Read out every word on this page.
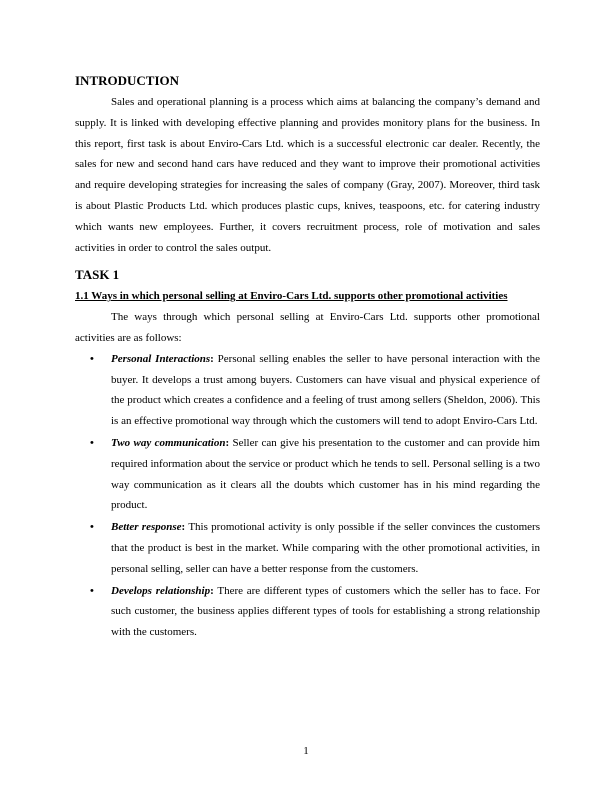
INTRODUCTION

Sales and operational planning is a process which aims at balancing the company’s demand and supply. It is linked with developing effective planning and provides monitory plans for the business. In this report, first task is about Enviro-Cars Ltd. which is a successful electronic car dealer. Recently, the sales for new and second hand cars have reduced and they want to improve their promotional activities and require developing strategies for increasing the sales of company (Gray, 2007). Moreover, third task is about Plastic Products Ltd. which produces plastic cups, knives, teaspoons, etc. for catering industry which wants new employees. Further, it covers recruitment process, role of motivation and sales activities in order to control the sales output.

TASK 1
1.1 Ways in which personal selling at Enviro-Cars Ltd. supports other promotional activities

The ways through which personal selling at Enviro-Cars Ltd. supports other promotional activities are as follows:

• Personal Interactions: Personal selling enables the seller to have personal interaction with the buyer. It develops a trust among buyers. Customers can have visual and physical experience of the product which creates a confidence and a feeling of trust among sellers (Sheldon, 2006). This is an effective promotional way through which the customers will tend to adopt Enviro-Cars Ltd.
• Two way communication: Seller can give his presentation to the customer and can provide him required information about the service or product which he tends to sell. Personal selling is a two way communication as it clears all the doubts which customer has in his mind regarding the product.
• Better response: This promotional activity is only possible if the seller convinces the customers that the product is best in the market. While comparing with the other promotional activities, in personal selling, seller can have a better response from the customers.
• Develops relationship: There are different types of customers which the seller has to face. For such customer, the business applies different types of tools for establishing a strong relationship with the customers.
1
